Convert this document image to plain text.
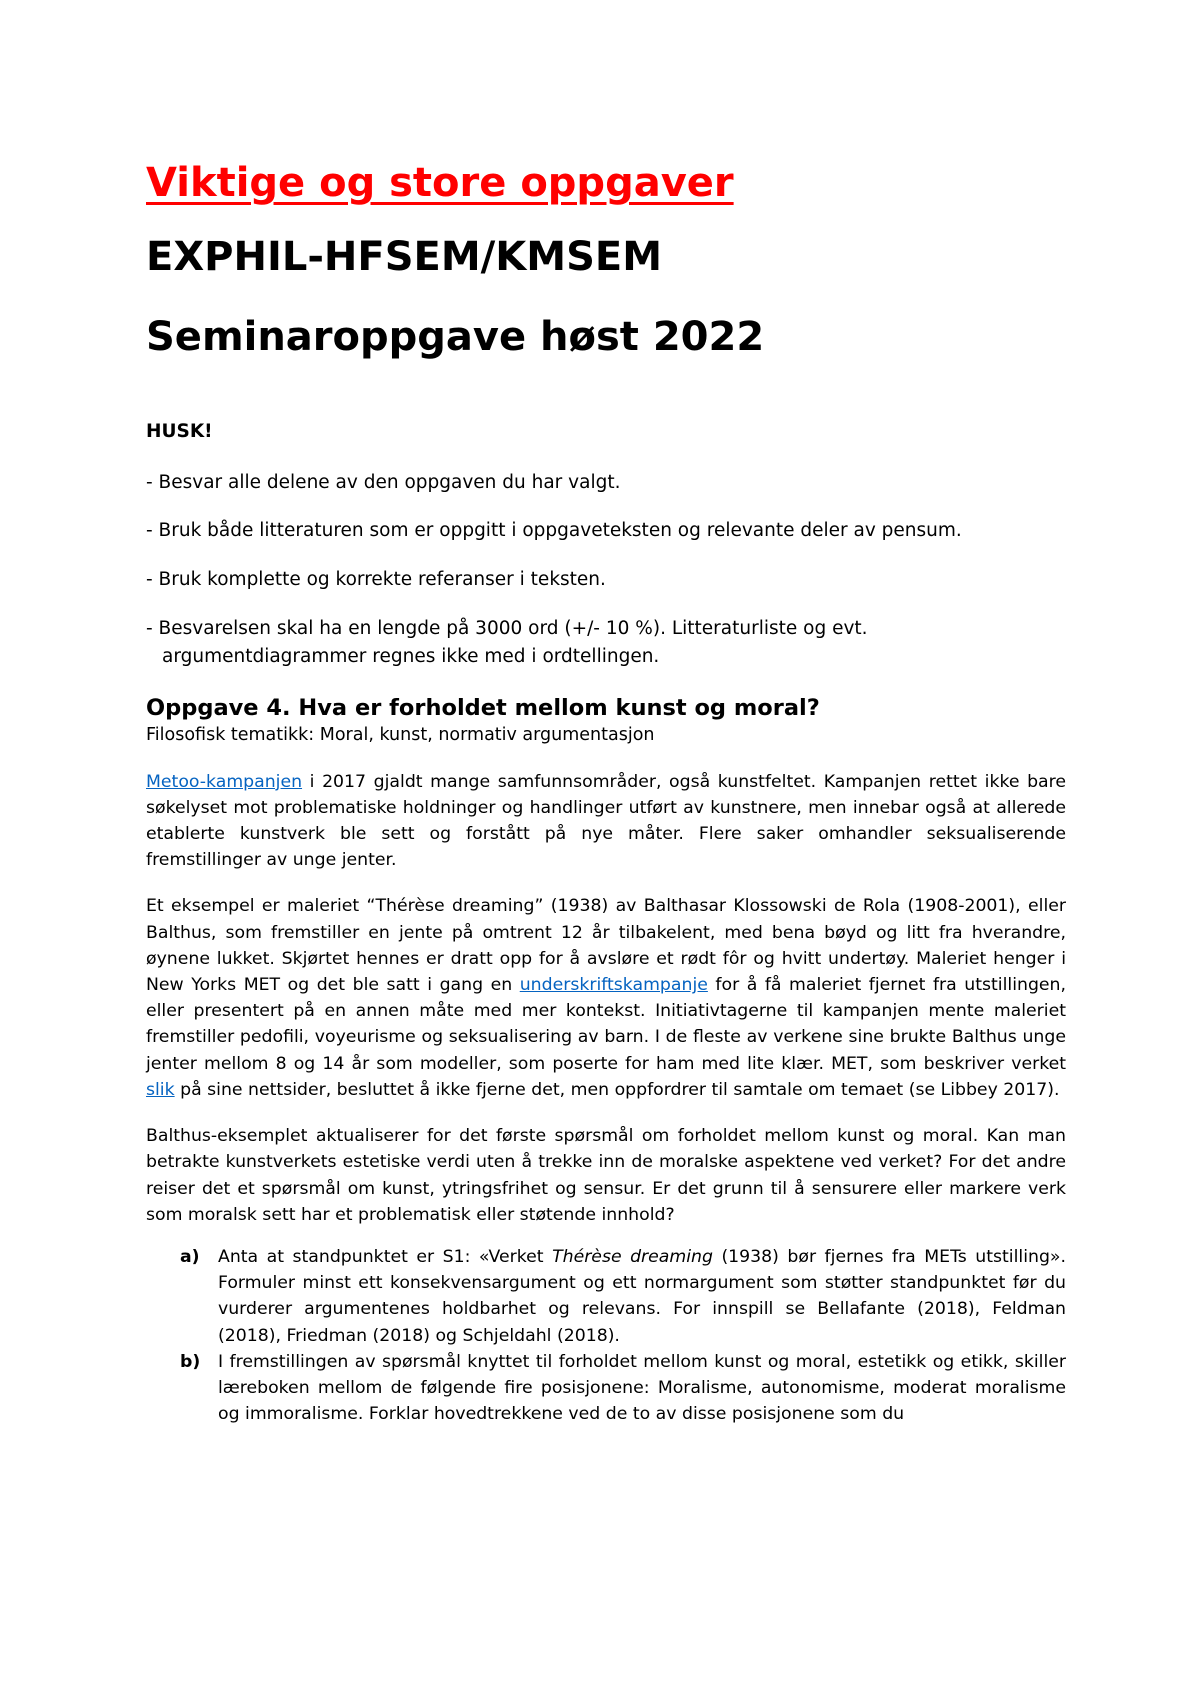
Viktige og store oppgaver
EXPHIL-HFSEM/KMSEM
Seminaroppgave høst 2022

HUSK!

- Besvar alle delene av den oppgaven du har valgt.

- Bruk både litteraturen som er oppgitt i oppgaveteksten og relevante deler av pensum.

- Bruk komplette og korrekte referanser i teksten.

- Besvarelsen skal ha en lengde på 3000 ord (+/- 10 %). Litteraturliste og evt. argumentdiagrammer regnes ikke med i ordtellingen.

Oppgave 4. Hva er forholdet mellom kunst og moral?
Filosofisk tematikk: Moral, kunst, normativ argumentasjon

Metoo-kampanjen i 2017 gjaldt mange samfunnsområder, også kunstfeltet. Kampanjen rettet ikke bare søkelyset mot problematiske holdninger og handlinger utført av kunstnere, men innebar også at allerede etablerte kunstverk ble sett og forstått på nye måter. Flere saker omhandler seksualiserende fremstillinger av unge jenter.

Et eksempel er maleriet “Thérèse dreaming” (1938) av Balthasar Klossowski de Rola (1908-2001), eller Balthus, som fremstiller en jente på omtrent 12 år tilbakelent, med bena bøyd og litt fra hverandre, øynene lukket. Skjørtet hennes er dratt opp for å avsløre et rødt fôr og hvitt undertøy. Maleriet henger i New Yorks MET og det ble satt i gang en underskriftskampanje for å få maleriet fjernet fra utstillingen, eller presentert på en annen måte med mer kontekst. Initiativtagerne til kampanjen mente maleriet fremstiller pedofili, voyeurisme og seksualisering av barn. I de fleste av verkene sine brukte Balthus unge jenter mellom 8 og 14 år som modeller, som poserte for ham med lite klær. MET, som beskriver verket slik på sine nettsider, besluttet å ikke fjerne det, men oppfordrer til samtale om temaet (se Libbey 2017).

Balthus-eksemplet aktualiserer for det første spørsmål om forholdet mellom kunst og moral. Kan man betrakte kunstverkets estetiske verdi uten å trekke inn de moralske aspektene ved verket? For det andre reiser det et spørsmål om kunst, ytringsfrihet og sensur. Er det grunn til å sensurere eller markere verk som moralsk sett har et problematisk eller støtende innhold?

a) Anta at standpunktet er S1: «Verket Thérèse dreaming (1938) bør fjernes fra METs utstilling». Formuler minst ett konsekvensargument og ett normargument som støtter standpunktet før du vurderer argumentenes holdbarhet og relevans. For innspill se Bellafante (2018), Feldman (2018), Friedman (2018) og Schjeldahl (2018).
b) I fremstillingen av spørsmål knyttet til forholdet mellom kunst og moral, estetikk og etikk, skiller læreboken mellom de følgende fire posisjonene: Moralisme, autonomisme, moderat moralisme og immoralisme. Forklar hovedtrekkene ved de to av disse posisjonene som du
